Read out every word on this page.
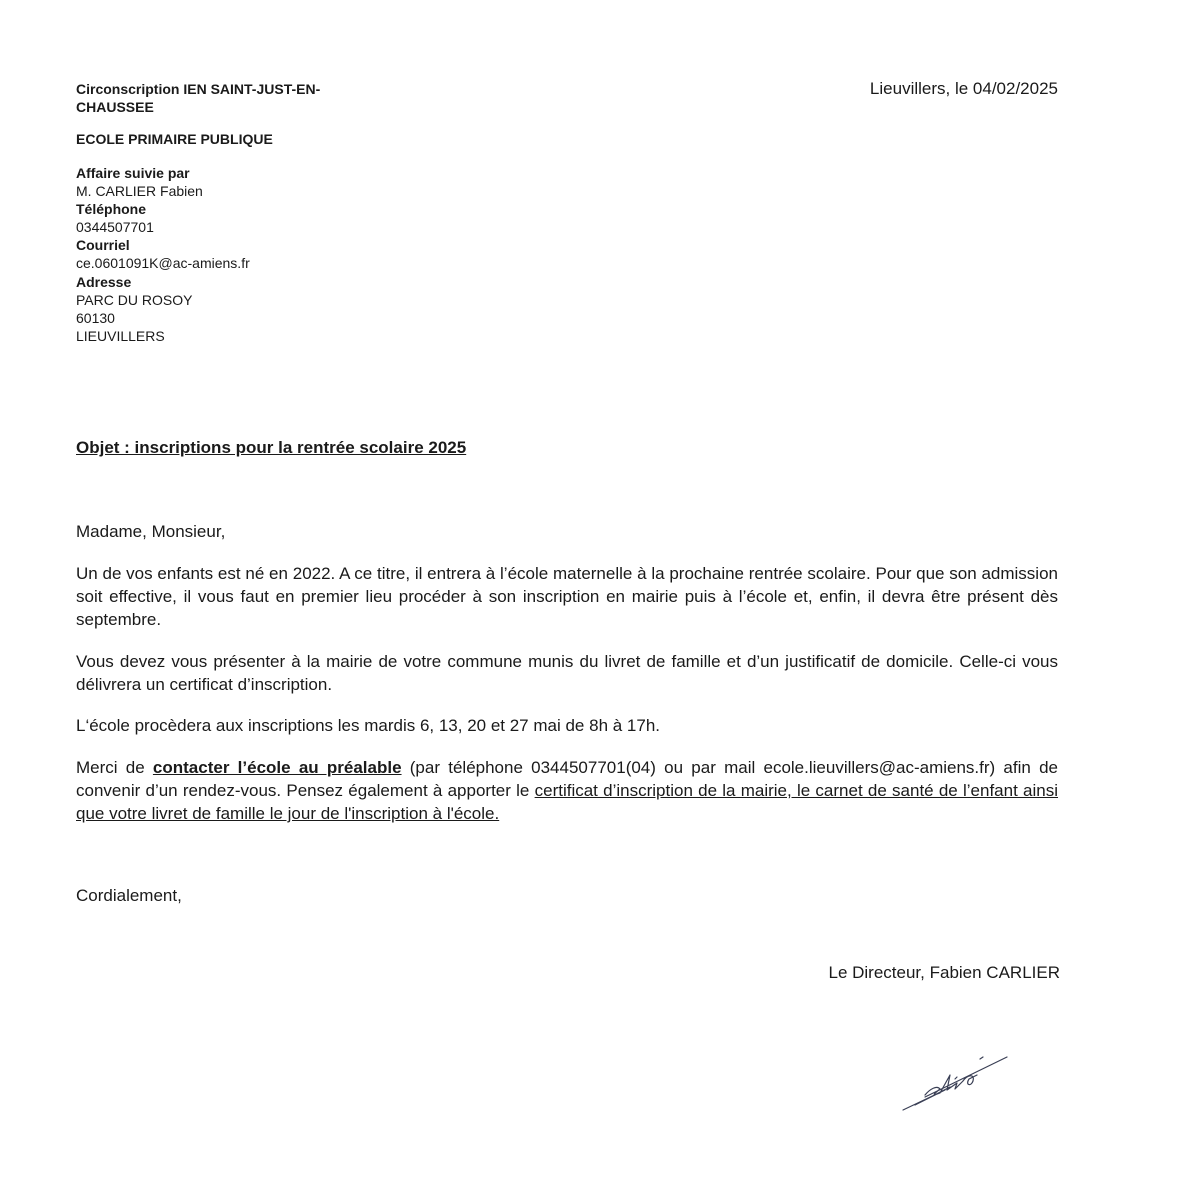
Circonscription IEN SAINT-JUST-EN-
CHAUSSEE
ECOLE PRIMAIRE PUBLIQUE
Affaire suivie par
M. CARLIER Fabien
Téléphone
0344507701
Courriel
ce.0601091K@ac-amiens.fr
Adresse
PARC DU ROSOY
60130
LIEUVILLERS
Lieuvillers, le 04/02/2025
Objet : inscriptions pour la rentrée scolaire 2025
Madame, Monsieur,
Un de vos enfants est né en 2022. A ce titre, il entrera à l’école maternelle à la prochaine rentrée scolaire. Pour que son admission soit effective, il vous faut en premier lieu procéder à son inscription en mairie puis à l’école et, enfin, il devra être présent dès septembre.
Vous devez vous présenter à la mairie de votre commune munis du livret de famille et d’un justificatif de domicile. Celle-ci vous délivrera un certificat d’inscription.
L‘école procèdera aux inscriptions les mardis 6, 13, 20 et 27 mai de 8h à 17h.
Merci de contacter l’école au préalable (par téléphone 0344507701(04) ou par mail ecole.lieuvillers@ac-amiens.fr) afin de convenir d’un rendez-vous. Pensez également à apporter le certificat d’inscription de la mairie, le carnet de santé de l’enfant ainsi que votre livret de famille le jour de l'inscription à l'école.
Cordialement,
Le Directeur, Fabien CARLIER
